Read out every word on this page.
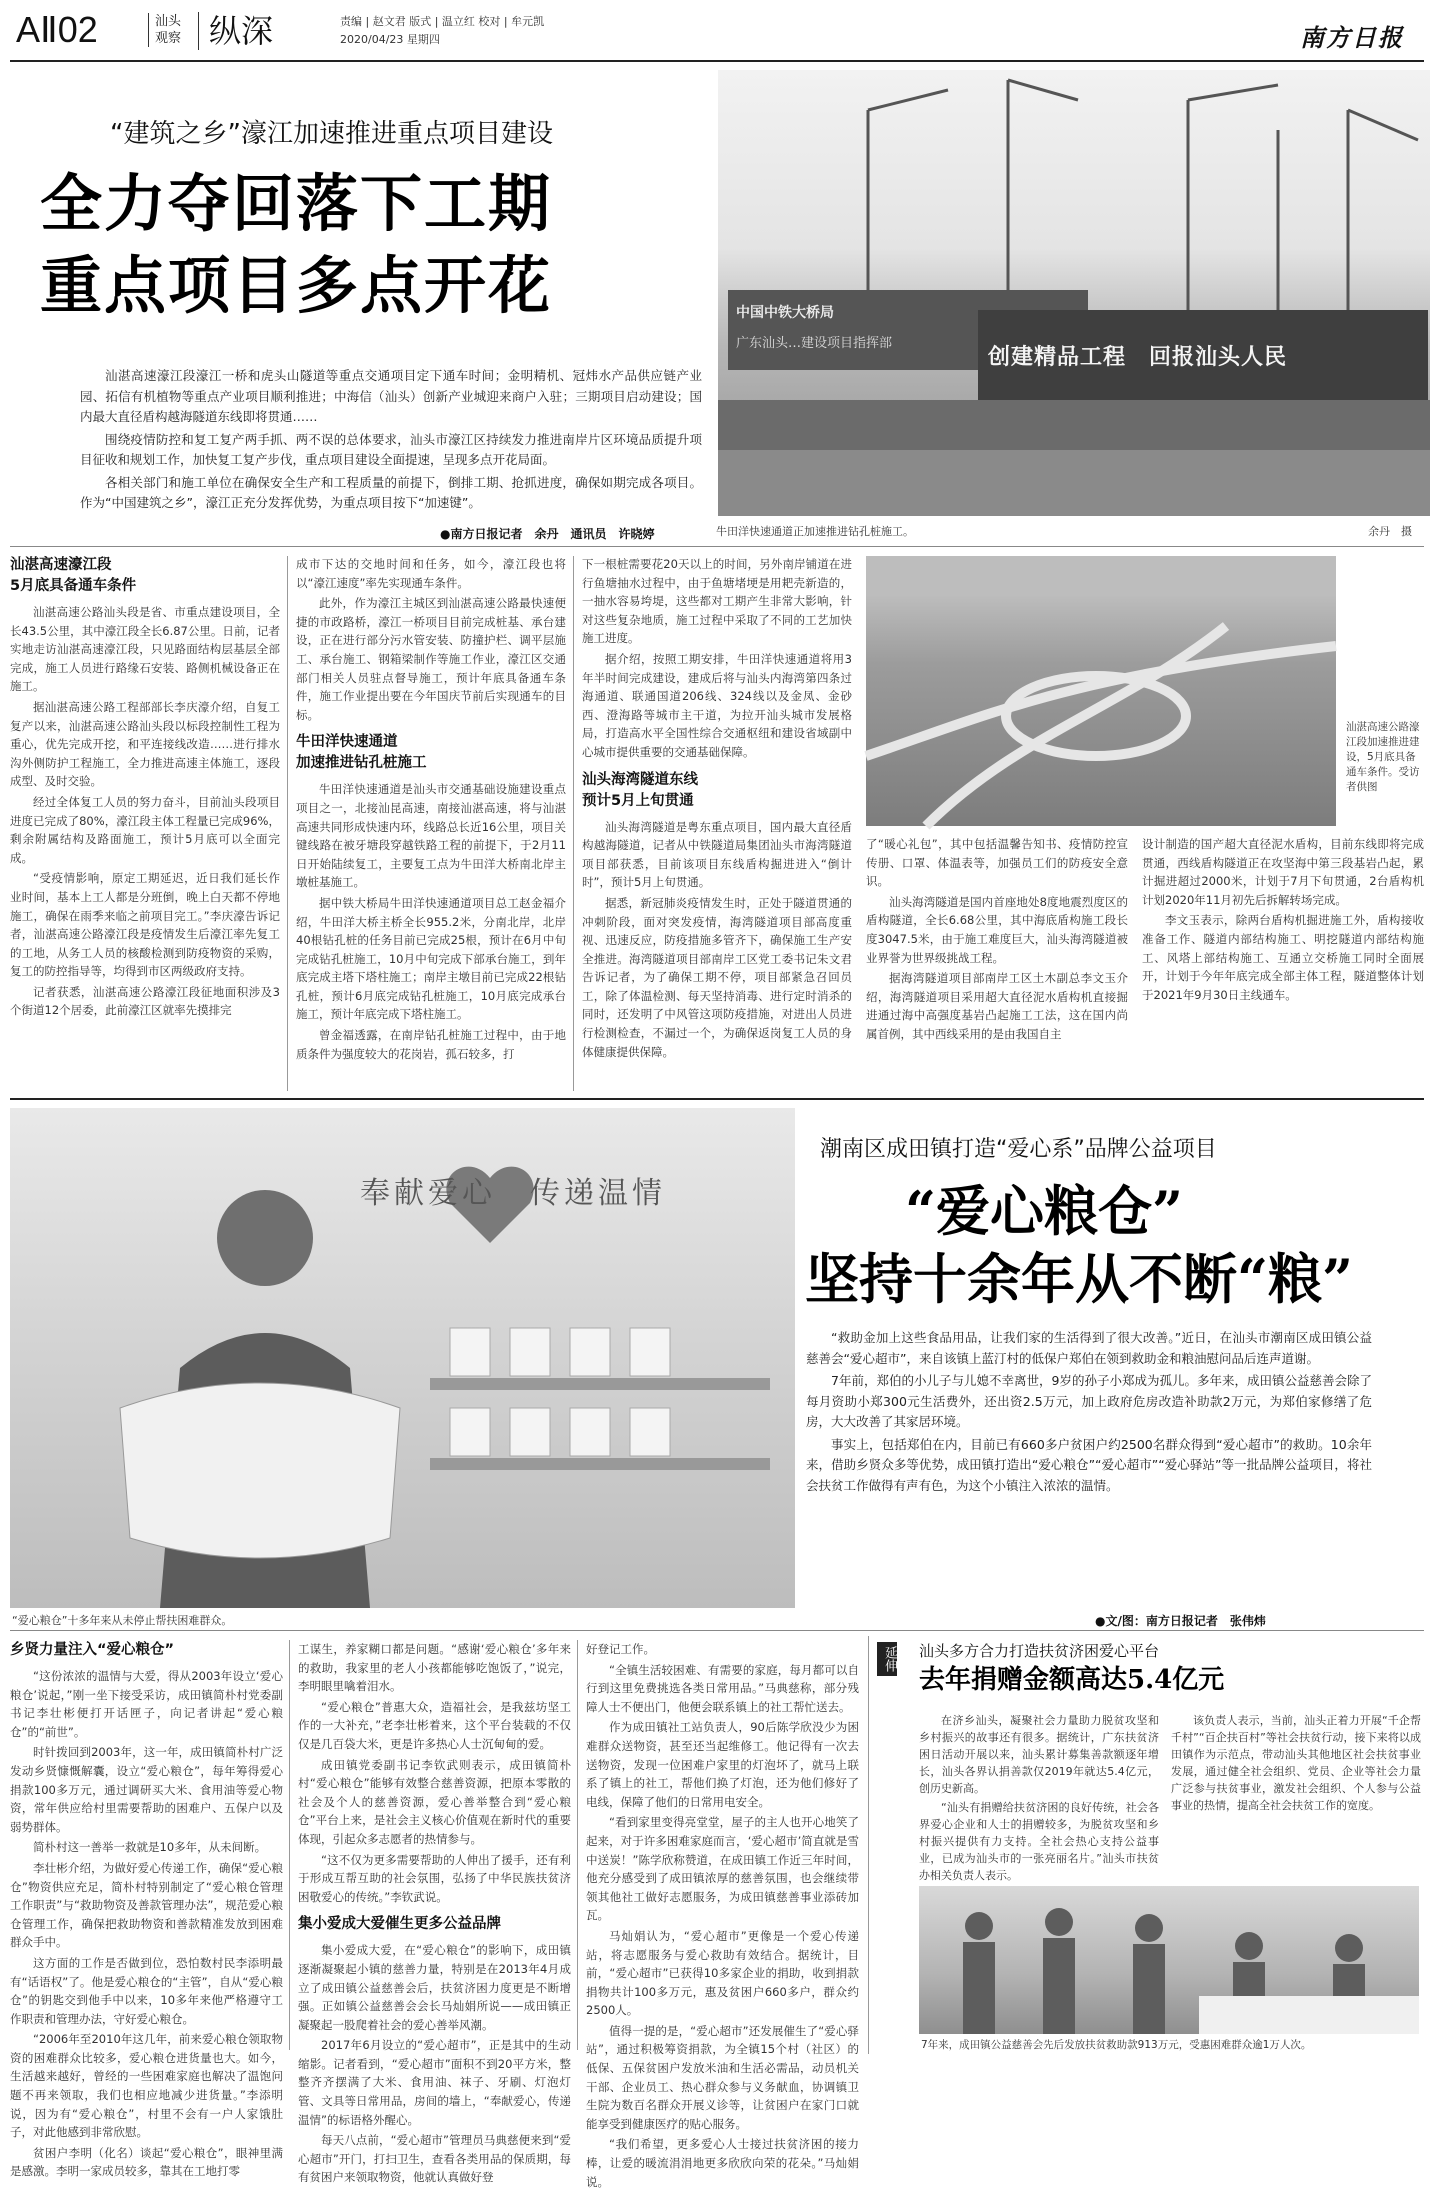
AⅡ02	汕头
观察 纵深	责编 | 赵文君 版式 | 温立红 校对 | 牟元凯
2020/04/23 星期四	南方日报
“建筑之乡”濠江加速推进重点项目建设
全力夺回落下工期
重点项目多点开花

汕湛高速濠江段濠江一桥和虎头山隧道等重点交通项目定下通车时间；金明精机、冠炜水产品供应链产业园、拓信有机植物等重点产业项目顺利推进；中海信（汕头）创新产业城迎来商户入驻；三期项目启动建设；国内最大直径盾构越海隧道东线即将贯通……

围绕疫情防控和复工复产两手抓、两不误的总体要求，汕头市濠江区持续发力推进南岸片区环境品质提升项目征收和规划工作，加快复工复产步伐，重点项目建设全面提速，呈现多点开花局面。

各相关部门和施工单位在确保安全生产和工程质量的前提下，倒排工期、抢抓进度，确保如期完成各项目。作为“中国建筑之乡”，濠江正充分发挥优势，为重点项目按下“加速键”。

●南方日报记者　余丹　通讯员　许晓婷
中国中铁大桥局
广东汕头…建设项目指挥部
创建精品工程　回报汕头人民
牛田洋快速通道正加速推进钻孔桩施工。	余丹　摄
汕湛高速濠江段
5月底具备通车条件

汕湛高速公路汕头段是省、市重点建设项目，全长43.5公里，其中濠江段全长6.87公里。日前，记者实地走访汕湛高速濠江段，只见路面结构层基层全部完成，施工人员进行路缘石安装、路侧机械设备正在施工。

据汕湛高速公路工程部部长李庆濠介绍，自复工复产以来，汕湛高速公路汕头段以标段控制性工程为重心，优先完成开挖，和平连接线改造……进行排水沟外侧防护工程施工，全力推进高速主体施工，逐段成型、及时交验。

经过全体复工人员的努力奋斗，目前汕头段项目进度已完成了80%，濠江段主体工程量已完成96%，剩余附属结构及路面施工，预计5月底可以全面完成。

“受疫情影响，原定工期延迟，近日我们延长作业时间，基本上工人都是分班倒，晚上白天都不停地施工，确保在雨季来临之前项目完工。”李庆濠告诉记者，汕湛高速公路濠江段是疫情发生后濠江率先复工的工地，从务工人员的核酸检测到防疫物资的采购，复工的防控指导等，均得到市区两级政府支持。

记者获悉，汕湛高速公路濠江段征地面积涉及3个街道12个居委，此前濠江区就率先摸排完

成市下达的交地时间和任务，如今，濠江段也将以“濠江速度”率先实现通车条件。

此外，作为濠江主城区到汕湛高速公路最快速便捷的市政路桥，濠江一桥项目目前完成桩基、承台建设，正在进行部分污水管安装、防撞护栏、调平层施工、承台施工、钢箱梁制作等施工作业，濠江区交通部门相关人员驻点督导施工，预计年底具备通车条件，施工作业提出要在今年国庆节前后实现通车的目标。

牛田洋快速通道
加速推进钻孔桩施工

牛田洋快速通道是汕头市交通基础设施建设重点项目之一，北接汕昆高速，南接汕湛高速，将与汕湛高速共同形成快速内环，线路总长近16公里，项目关键线路在被牙塘段穿越铁路工程的前提下，于2月11日开始陆续复工，主要复工点为牛田洋大桥南北岸主墩桩基施工。

据中铁大桥局牛田洋快速通道项目总工赵金福介绍，牛田洋大桥主桥全长955.2米，分南北岸，北岸40根钻孔桩的任务目前已完成25根，预计在6月中旬完成钻孔桩施工，10月中旬完成下部承台施工，到年底完成主塔下塔柱施工；南岸主墩目前已完成22根钻孔桩，预计6月底完成钻孔桩施工，10月底完成承台施工，预计年底完成下塔柱施工。

曾金福透露，在南岸钻孔桩施工过程中，由于地质条件为强度较大的花岗岩，孤石较多，打

下一根桩需要花20天以上的时间，另外南岸铺道在进行鱼塘抽水过程中，由于鱼塘堵埂是用耙壳新造的，一抽水容易垮堤，这些都对工期产生非常大影响，针对这些复杂地质，施工过程中采取了不同的工艺加快施工进度。

据介绍，按照工期安排，牛田洋快速通道将用3年半时间完成建设，建成后将与汕头内海湾第四条过海通道、联通国道206线、324线以及金凤、金砂西、澄海路等城市主干道，为拉开汕头城市发展格局，打造高水平全国性综合交通枢纽和建设省域副中心城市提供重要的交通基础保障。

汕头海湾隧道东线
预计5月上旬贯通

汕头海湾隧道是粤东重点项目，国内最大直径盾构越海隧道，记者从中铁隧道局集团汕头市海湾隧道项目部获悉，目前该项目东线盾构掘进进入“倒计时”，预计5月上旬贯通。

据悉，新冠肺炎疫情发生时，正处于隧道贯通的冲刺阶段，面对突发疫情，海湾隧道项目部高度重视、迅速反应，防疫措施多管齐下，确保施工生产安全推进。海湾隧道项目部南岸工区党工委书记朱文君告诉记者，为了确保工期不停，项目部紧急召回员工，除了体温检测、每天坚持消毒、进行定时消杀的同时，还发明了中风管这项防疫措施，对进出人员进行检测检查，不漏过一个，为确保返岗复工人员的身体健康提供保障。

汕湛高速公路濠江段加速推进建设，5月底具备通车条件。受访者供图

了“暖心礼包”，其中包括温馨告知书、疫情防控宣传册、口罩、体温表等，加强员工们的防疫安全意识。

汕头海湾隧道是国内首座地处8度地震烈度区的盾构隧道，全长6.68公里，其中海底盾构施工段长度3047.5米，由于施工难度巨大，汕头海湾隧道被业界誉为世界级挑战工程。

据海湾隧道项目部南岸工区土木副总李文玉介绍，海湾隧道项目采用超大直径泥水盾构机直接掘进通过海中高强度基岩凸起施工工法，这在国内尚属首例，其中西线采用的是由我国自主

设计制造的国产超大直径泥水盾构，目前东线即将完成贯通，西线盾构隧道正在攻坚海中第三段基岩凸起，累计掘进超过2000米，计划于7月下旬贯通，2台盾构机计划2020年11月初先后拆解转场完成。

李文玉表示，除两台盾构机掘进施工外，盾构接收准备工作、隧道内部结构施工、明挖隧道内部结构施工、风塔上部结构施工、互通立交桥施工同时全面展开，计划于今年年底完成全部主体工程，隧道整体计划于2021年9月30日主线通车。

奉献爱心　传递温情
“爱心粮仓”十多年来从未停止帮扶困难群众。
潮南区成田镇打造“爱心系”品牌公益项目
“爱心粮仓”
坚持十余年从不断“粮”

“救助金加上这些食品用品，让我们家的生活得到了很大改善。”近日，在汕头市潮南区成田镇公益慈善会“爱心超市”，来自该镇上蓝汀村的低保户郑伯在领到救助金和粮油慰问品后连声道谢。

7年前，郑伯的小儿子与儿媳不幸离世，9岁的孙子小郑成为孤儿。多年来，成田镇公益慈善会除了每月资助小郑300元生活费外，还出资2.5万元，加上政府危房改造补助款2万元，为郑伯家修缮了危房，大大改善了其家居环境。

事实上，包括郑伯在内，目前已有660多户贫困户约2500名群众得到“爱心超市”的救助。10余年来，借助乡贤众多等优势，成田镇打造出“爱心粮仓”“爱心超市”“爱心驿站”等一批品牌公益项目，将社会扶贫工作做得有声有色，为这个小镇注入浓浓的温情。

●文/图：南方日报记者　张伟炜
乡贤力量注入“爱心粮仓”

“这份浓浓的温情与大爱，得从2003年设立‘爱心粮仓’说起，”刚一坐下接受采访，成田镇简朴村党委副书记李壮彬便打开话匣子，向记者讲起“爱心粮仓”的“前世”。

时针拨回到2003年，这一年，成田镇简朴村广泛发动乡贤慷慨解囊，设立“爱心粮仓”，每年筹得爱心捐款100多万元，通过调研买大米、食用油等爱心物资，常年供应给村里需要帮助的困难户、五保户以及弱势群体。

简朴村这一善举一救就是10多年，从未间断。

李壮彬介绍，为做好爱心传递工作，确保“爱心粮仓”物资供应充足，简朴村特别制定了“爱心粮仓管理工作职责”与“救助物资及善款管理办法”，规范爱心粮仓管理工作，确保把救助物资和善款精准发放到困难群众手中。

这方面的工作是否做到位，恐怕数村民李添明最有“话语权”了。他是爱心粮仓的“主管”，自从“爱心粮仓”的钥匙交到他手中以来，10多年来他严格遵守工作职责和管理办法，守好爱心粮仓。

“2006年至2010年这几年，前来爱心粮仓领取物资的困难群众比较多，爱心粮仓进货量也大。如今，生活越来越好，曾经的一些困难家庭也解决了温饱问题不再来领取，我们也相应地减少进货量。”李添明说，因为有“爱心粮仓”，村里不会有一户人家饿肚子，对此他感到非常欣慰。

贫困户李明（化名）谈起“爱心粮仓”，眼神里满是感激。李明一家成员较多，靠其在工地打零

工谋生，养家糊口都是问题。“感谢‘爱心粮仓’多年来的救助，我家里的老人小孩都能够吃饱饭了，”说完，李明眼里噙着泪水。

“爱心粮仓”普惠大众，造福社会，是我兹坊坚工作的一大补充，”老李壮彬着来，这个平台装载的不仅仅是几百袋大米，更是许多热心人士沉甸甸的爱。

成田镇党委副书记李钦武则表示，成田镇简朴村“爱心粮仓”能够有效整合慈善资源，把原本零散的社会及个人的慈善资源，爱心善举整合到“爱心粮仓”平台上来，是社会主义核心价值观在新时代的重要体现，引起众多志愿者的热情参与。

“这不仅为更多需要帮助的人伸出了援手，还有利于形成互帮互助的社会氛围，弘扬了中华民族扶贫济困敬爱心的传统。”李钦武说。

集小爱成大爱催生更多公益品牌

集小爱成大爱，在“爱心粮仓”的影响下，成田镇逐渐凝聚起小镇的慈善力量，特别是在2013年4月成立了成田镇公益慈善会后，扶贫济困力度更是不断增强。正如镇公益慈善会会长马灿娟所说——成田镇正凝聚起一股爬着社会的爱心善举风潮。

2017年6月设立的“爱心超市”，正是其中的生动缩影。记者看到，“爱心超市”面积不到20平方米，整整齐齐摆满了大米、食用油、袜子、牙刷、灯泡灯管、文具等日常用品，房间的墙上，“奉献爱心，传递温情”的标语格外醒心。

每天八点前，“爱心超市”管理员马典慈便来到“爱心超市”开门，打扫卫生，查看各类用品的保质期，每有贫困户来领取物资，他就认真做好登

好登记工作。

“全镇生活较困难、有需要的家庭，每月都可以自行到这里免费挑选各类日常用品。”马典慈称，部分残障人士不便出门，他便会联系镇上的社工帮忙送去。

作为成田镇社工站负责人，90后陈学欣没少为困难群众送物资，甚至还当起维修工。他记得有一次去送物资，发现一位困难户家里的灯泡坏了，就马上联系了镇上的社工，帮他们换了灯泡，还为他们修好了电线，保障了他们的日常用电安全。

“看到家里变得亮堂堂，屋子的主人也开心地笑了起来，对于许多困难家庭而言，‘爱心超市’简直就是雪中送炭！”陈学欣称赞道，在成田镇工作近三年时间，他充分感受到了成田镇浓厚的慈善氛围，也会继续带领其他社工做好志愿服务，为成田镇慈善事业添砖加瓦。

马灿娟认为，“爱心超市”更像是一个爱心传递站，将志愿服务与爱心救助有效结合。据统计，目前，“爱心超市”已获得10多家企业的捐助，收到捐款捐物共计100多万元，惠及贫困户660多户，群众约2500人。

值得一提的是，“爱心超市”还发展催生了“爱心驿站”，通过积极筹资捐款，为全镇15个村（社区）的低保、五保贫困户发放米油和生活必需品，动员机关干部、企业员工、热心群众参与义务献血，协调镇卫生院为数百名群众开展义诊等，让贫困户在家门口就能享受到健康医疗的贴心服务。

“我们希望，更多爱心人士接过扶贫济困的接力棒，让爱的暖流涓涓地更多欣欣向荣的花朵。”马灿娟说。

延伸 汕头多方合力打造扶贫济困爱心平台
去年捐赠金额高达5.4亿元

在济乡汕头，凝聚社会力量助力脱贫攻坚和乡村振兴的故事还有很多。据统计，广东扶贫济困日活动开展以来，汕头累计募集善款额逐年增长，汕头各界认捐善款仅2019年就达5.4亿元，创历史新高。

“汕头有捐赠给扶贫济困的良好传统，社会各界爱心企业和人士的捐赠较多，为脱贫攻坚和乡村振兴提供有力支持。全社会热心支持公益事业，已成为汕头市的一张亮丽名片。”汕头市扶贫办相关负责人表示。

该负责人表示，当前，汕头正着力开展“千企帮千村”“百企扶百村”等社会扶贫行动，接下来将以成田镇作为示范点，带动汕头其他地区社会扶贫事业发展，通过健全社会组织、党员、企业等社会力量广泛参与扶贫事业，激发社会组织、个人参与公益事业的热情，提高全社会扶贫工作的宽度。

7年来，成田镇公益慈善会先后发放扶贫救助款913万元，受惠困难群众逾1万人次。
